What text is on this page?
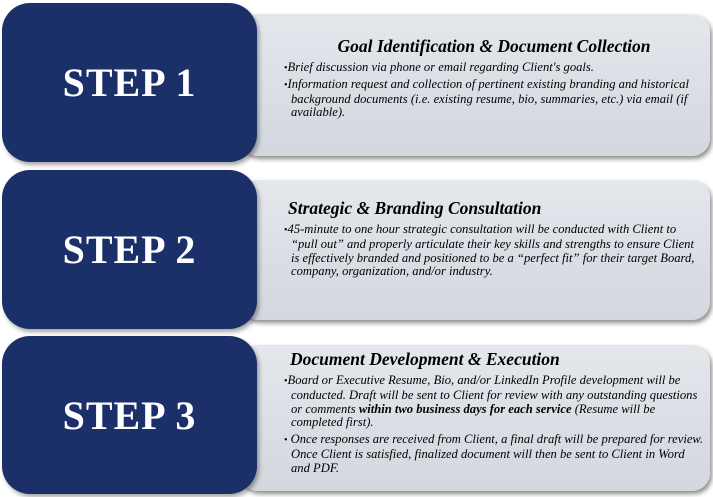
STEP 1

Goal Identification & Document Collection

•Brief discussion via phone or email regarding Client's goals.
•Information request and collection of pertinent existing branding and historical background documents (i.e. existing resume, bio, summaries, etc.) via email (if available).
STEP 2

Strategic & Branding Consultation

•45-minute to one hour strategic consultation will be conducted with Client to “pull out” and properly articulate their key skills and strengths to ensure Client is effectively branded and positioned to be a “perfect fit” for their target Board, company, organization, and/or industry.
STEP 3

Document Development & Execution

•Board or Executive Resume, Bio, and/or LinkedIn Profile development will be conducted. Draft will be sent to Client for review with any outstanding questions or comments within two business days for each service (Resume will be completed first).
• Once responses are received from Client, a final draft will be prepared for review. Once Client is satisfied, finalized document will then be sent to Client in Word and PDF.
